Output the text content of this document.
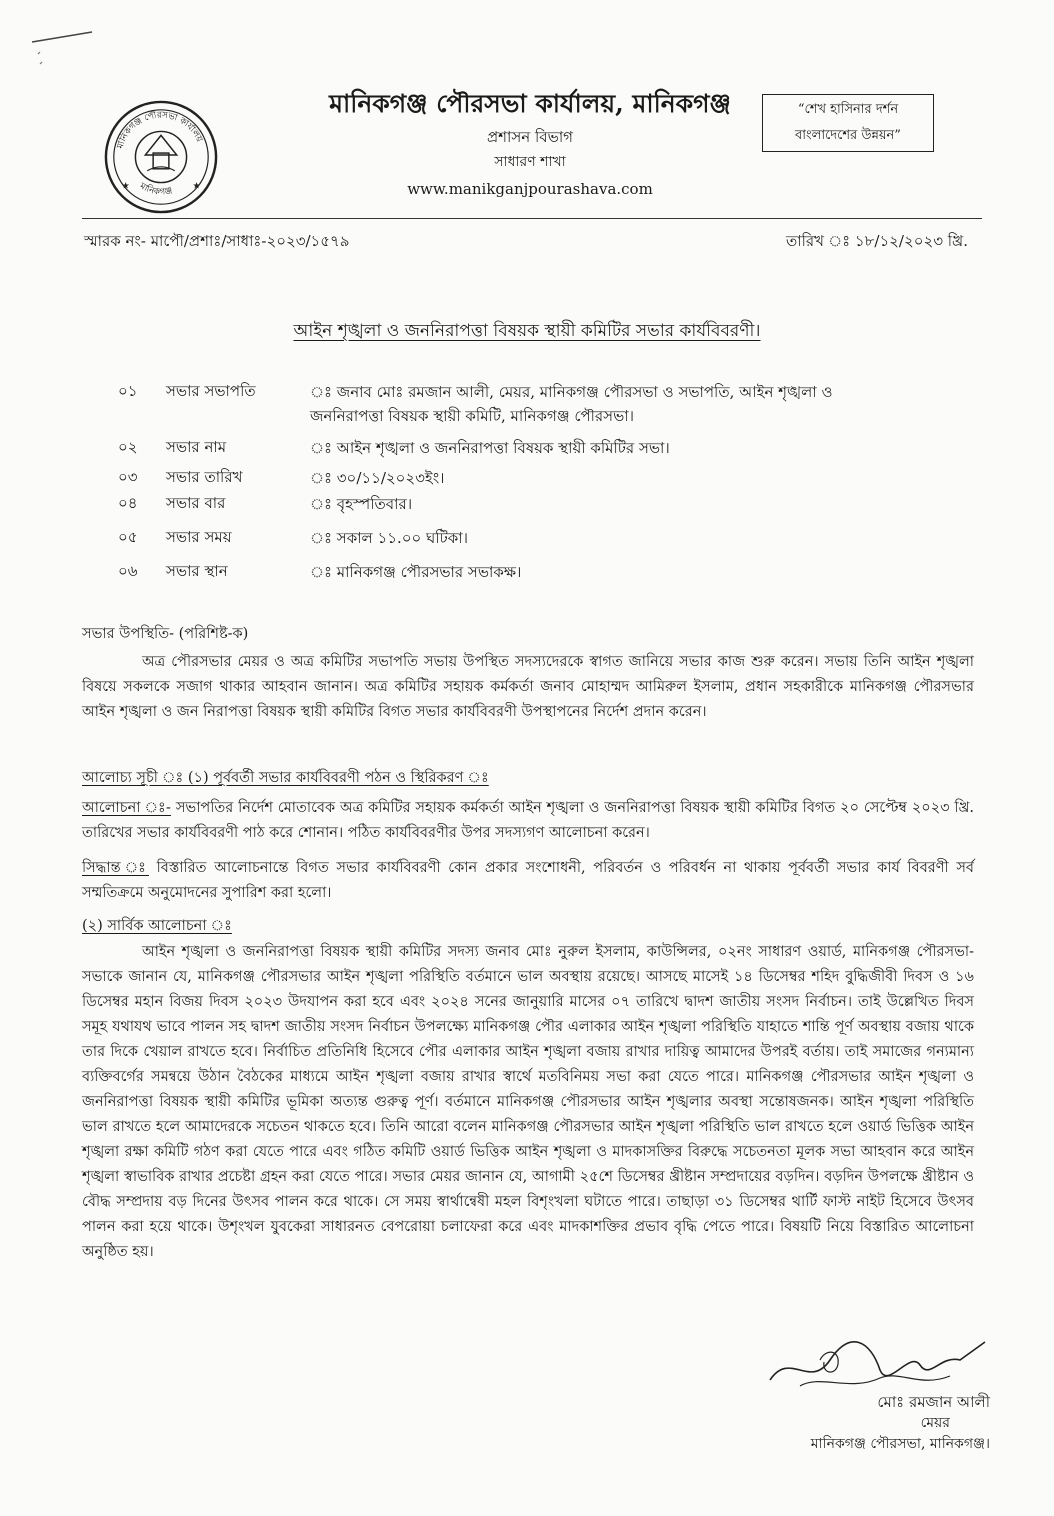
মানিকগঞ্জ পৌরসভা কার্যালয়
মানিকগঞ্জ
★	★
মানিকগঞ্জ পৌরসভা কার্যালয়, মানিকগঞ্জ
প্রশাসন বিভাগ
সাধারণ শাখা
www.manikganjpourashava.com
“শেখ হাসিনার দর্শন
বাংলাদেশের উন্নয়ন”
স্মারক নং- মাপৌ/প্রশাঃ/সাধাঃ-২০২৩/১৫৭৯	তারিখ ঃ ১৮/১২/২০২৩ খ্রি.
আইন শৃঙ্খলা ও জননিরাপত্তা বিষয়ক স্থায়ী কমিটির সভার কার্যবিবরণী।
০১	সভার সভাপতি	ঃ জনাব মোঃ রমজান আলী, মেয়র, মানিকগঞ্জ পৌরসভা ও সভাপতি, আইন শৃঙ্খলা ও
জননিরাপত্তা বিষয়ক স্থায়ী কমিটি, মানিকগঞ্জ পৌরসভা।
০২	সভার নাম	ঃ আইন শৃঙ্খলা ও জননিরাপত্তা বিষয়ক স্থায়ী কমিটির সভা।
০৩	সভার তারিখ	ঃ ৩০/১১/২০২৩ইং।
০৪	সভার বার	ঃ বৃহস্পতিবার।
০৫	সভার সময়	ঃ সকাল ১১.০০ ঘটিকা।
০৬	সভার স্থান	ঃ মানিকগঞ্জ পৌরসভার সভাকক্ষ।
সভার উপস্থিতি- (পরিশিষ্ট-ক)
অত্র পৌরসভার মেয়র ও অত্র কমিটির সভাপতি সভায় উপস্থিত সদস্যদেরকে স্বাগত জানিয়ে সভার কাজ শুরু করেন। সভায় তিনি আইন শৃঙ্খলা বিষয়ে সকলকে সজাগ থাকার আহবান জানান। অত্র কমিটির সহায়ক কর্মকর্তা জনাব মোহাম্মদ আমিরুল ইসলাম, প্রধান সহকারীকে মানিকগঞ্জ পৌরসভার আইন শৃঙ্খলা ও জন নিরাপত্তা বিষয়ক স্থায়ী কমিটির বিগত সভার কার্যবিবরণী উপস্থাপনের নির্দেশ প্রদান করেন।
আলোচ্য সূচী ঃ (১) পূর্ববর্তী সভার কার্যবিবরণী পঠন ও স্থিরিকরণ ঃ
আলোচনা ঃ- সভাপতির নির্দেশ মোতাবেক অত্র কমিটির সহায়ক কর্মকর্তা আইন শৃঙ্খলা ও জননিরাপত্তা বিষয়ক স্থায়ী কমিটির বিগত ২০ সেপ্টেম্ব ২০২৩ খ্রি. তারিখের সভার কার্যবিবরণী পাঠ করে শোনান। পঠিত কার্যবিবরণীর উপর সদস্যগণ আলোচনা করেন।
সিদ্ধান্ত ঃ বিস্তারিত আলোচনান্তে বিগত সভার কার্যবিবরণী কোন প্রকার সংশোধনী, পরিবর্তন ও পরিবর্ধন না থাকায় পূর্ববর্তী সভার কার্য বিবরণী সর্ব সম্মতিক্রমে অনুমোদনের সুপারিশ করা হলো।
(২) সার্বিক আলোচনা ঃ
আইন শৃঙ্খলা ও জননিরাপত্তা বিষয়ক স্থায়ী কমিটির সদস্য জনাব মোঃ নুরুল ইসলাম, কাউন্সিলর, ০২নং সাধারণ ওয়ার্ড, মানিকগঞ্জ পৌরসভা- সভাকে জানান যে, মানিকগঞ্জ পৌরসভার আইন শৃঙ্খলা পরিস্থিতি বর্তমানে ভাল অবস্থায় রয়েছে। আসছে মাসেই ১৪ ডিসেম্বর শহিদ বুদ্ধিজীবী দিবস ও ১৬ ডিসেম্বর মহান বিজয় দিবস ২০২৩ উদযাপন করা হবে এবং ২০২৪ সনের জানুয়ারি মাসের ০৭ তারিখে দ্বাদশ জাতীয় সংসদ নির্বাচন। তাই উল্লেখিত দিবস সমূহ যথাযথ ভাবে পালন সহ দ্বাদশ জাতীয় সংসদ নির্বাচন উপলক্ষ্যে মানিকগঞ্জ পৌর এলাকার আইন শৃঙ্খলা পরিস্থিতি যাহাতে শান্তি পূর্ণ অবস্থায় বজায় থাকে তার দিকে খেয়াল রাখতে হবে। নির্বাচিত প্রতিনিধি হিসেবে পৌর এলাকার আইন শৃঙ্খলা বজায় রাখার দায়িত্ব আমাদের উপরই বর্তায়। তাই সমাজের গন্যমান্য ব্যক্তিবর্গের সমন্বয়ে উঠান বৈঠকের মাধ্যমে আইন শৃঙ্খলা বজায় রাখার স্বার্থে মতবিনিময় সভা করা যেতে পারে। মানিকগঞ্জ পৌরসভার আইন শৃঙ্খলা ও জননিরাপত্তা বিষয়ক স্থায়ী কমিটির ভূমিকা অত্যন্ত গুরুত্ব পূর্ণ। বর্তমানে মানিকগঞ্জ পৌরসভার আইন শৃঙ্খলার অবস্থা সন্তোষজনক। আইন শৃঙ্খলা পরিস্থিতি ভাল রাখতে হলে আমাদেরকে সচেতন থাকতে হবে। তিনি আরো বলেন মানিকগঞ্জ পৌরসভার আইন শৃঙ্খলা পরিস্থিতি ভাল রাখতে হলে ওয়ার্ড ভিত্তিক আইন শৃঙ্খলা রক্ষা কমিটি গঠণ করা যেতে পারে এবং গঠিত কমিটি ওয়ার্ড ভিত্তিক আইন শৃঙ্খলা ও মাদকাসক্তির বিরুদ্ধে সচেতনতা মূলক সভা আহবান করে আইন শৃঙ্খলা স্বাভাবিক রাখার প্রচেষ্টা গ্রহন করা যেতে পারে। সভার মেয়র জানান যে, আগামী ২৫শে ডিসেম্বর খ্রীষ্টান সম্প্রদায়ের বড়দিন। বড়দিন উপলক্ষে খ্রীষ্টান ও বৌদ্ধ সম্প্রদায় বড় দিনের উৎসব পালন করে থাকে। সে সময় স্বার্থান্বেষী মহল বিশৃংখলা ঘটাতে পারে। তাছাড়া ৩১ ডিসেম্বর থার্টি ফাস্ট নাইট হিসেবে উৎসব পালন করা হয়ে থাকে। উশৃংখল যুবকেরা সাধারনত বেপরোয়া চলাফেরা করে এবং মাদকাশক্তির প্রভাব বৃদ্ধি পেতে পারে। বিষয়টি নিয়ে বিস্তারিত আলোচনা অনুষ্ঠিত হয়।
মোঃ রমজান আলী
মেয়র
মানিকগঞ্জ পৌরসভা, মানিকগঞ্জ।
